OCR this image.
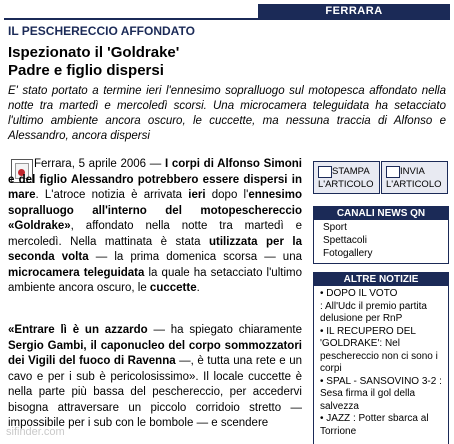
FERRARA
IL PESCHERECCIO AFFONDATO
Ispezionato il 'Goldrake'
Padre e figlio dispersi
E' stato portato a termine ieri l'ennesimo sopralluogo sul motopesca affondato nella notte tra martedì e mercoledì scorsi. Una microcamera teleguidata ha setacciato l'ultimo ambiente ancora oscuro, le cuccette, ma nessuna traccia di Alfonso e Alessandro, ancora dispersi
Ferrara, 5 aprile 2006 — I corpi di Alfonso Simoni e del figlio Alessandro potrebbero essere dispersi in mare. L'atroce notizia è arrivata ieri dopo l'ennesimo sopralluogo all'interno del motopeschereccio «Goldrake», affondato nella notte tra martedì e mercoledì. Nella mattinata è stata utilizzata per la seconda volta — la prima domenica scorsa — una microcamera teleguidata la quale ha setacciato l'ultimo ambiente ancora oscuro, le cuccette.
«Entrare lì è un azzardo — ha spiegato chiaramente Sergio Gambi, il caponucleo del corpo sommozzatori dei Vigili del fuoco di Ravenna —, è tutta una rete e un cavo e per i sub è pericolosissimo». Il locale cuccette è nella parte più bassa del peschereccio, per accedervi bisogna attraversare un piccolo corridoio stretto — impossibile per i sub con le bombole — e scendere
STAMPA
L'ARTICOLO
INVIA
L'ARTICOLO
CANALI NEWS QN
Sport
Spettacoli
Fotogallery
ALTRE NOTIZIE
• DOPO IL VOTO
: All'Udc il premio partita delusione per RnP
• IL RECUPERO DEL 'GOLDRAKE': Nel peschereccio non ci sono i corpi
• SPAL - SANSOVINO 3-2 : Sesa firma il gol della salvezza
• JAZZ : Potter sbarca al Torrione
sifinder.com
